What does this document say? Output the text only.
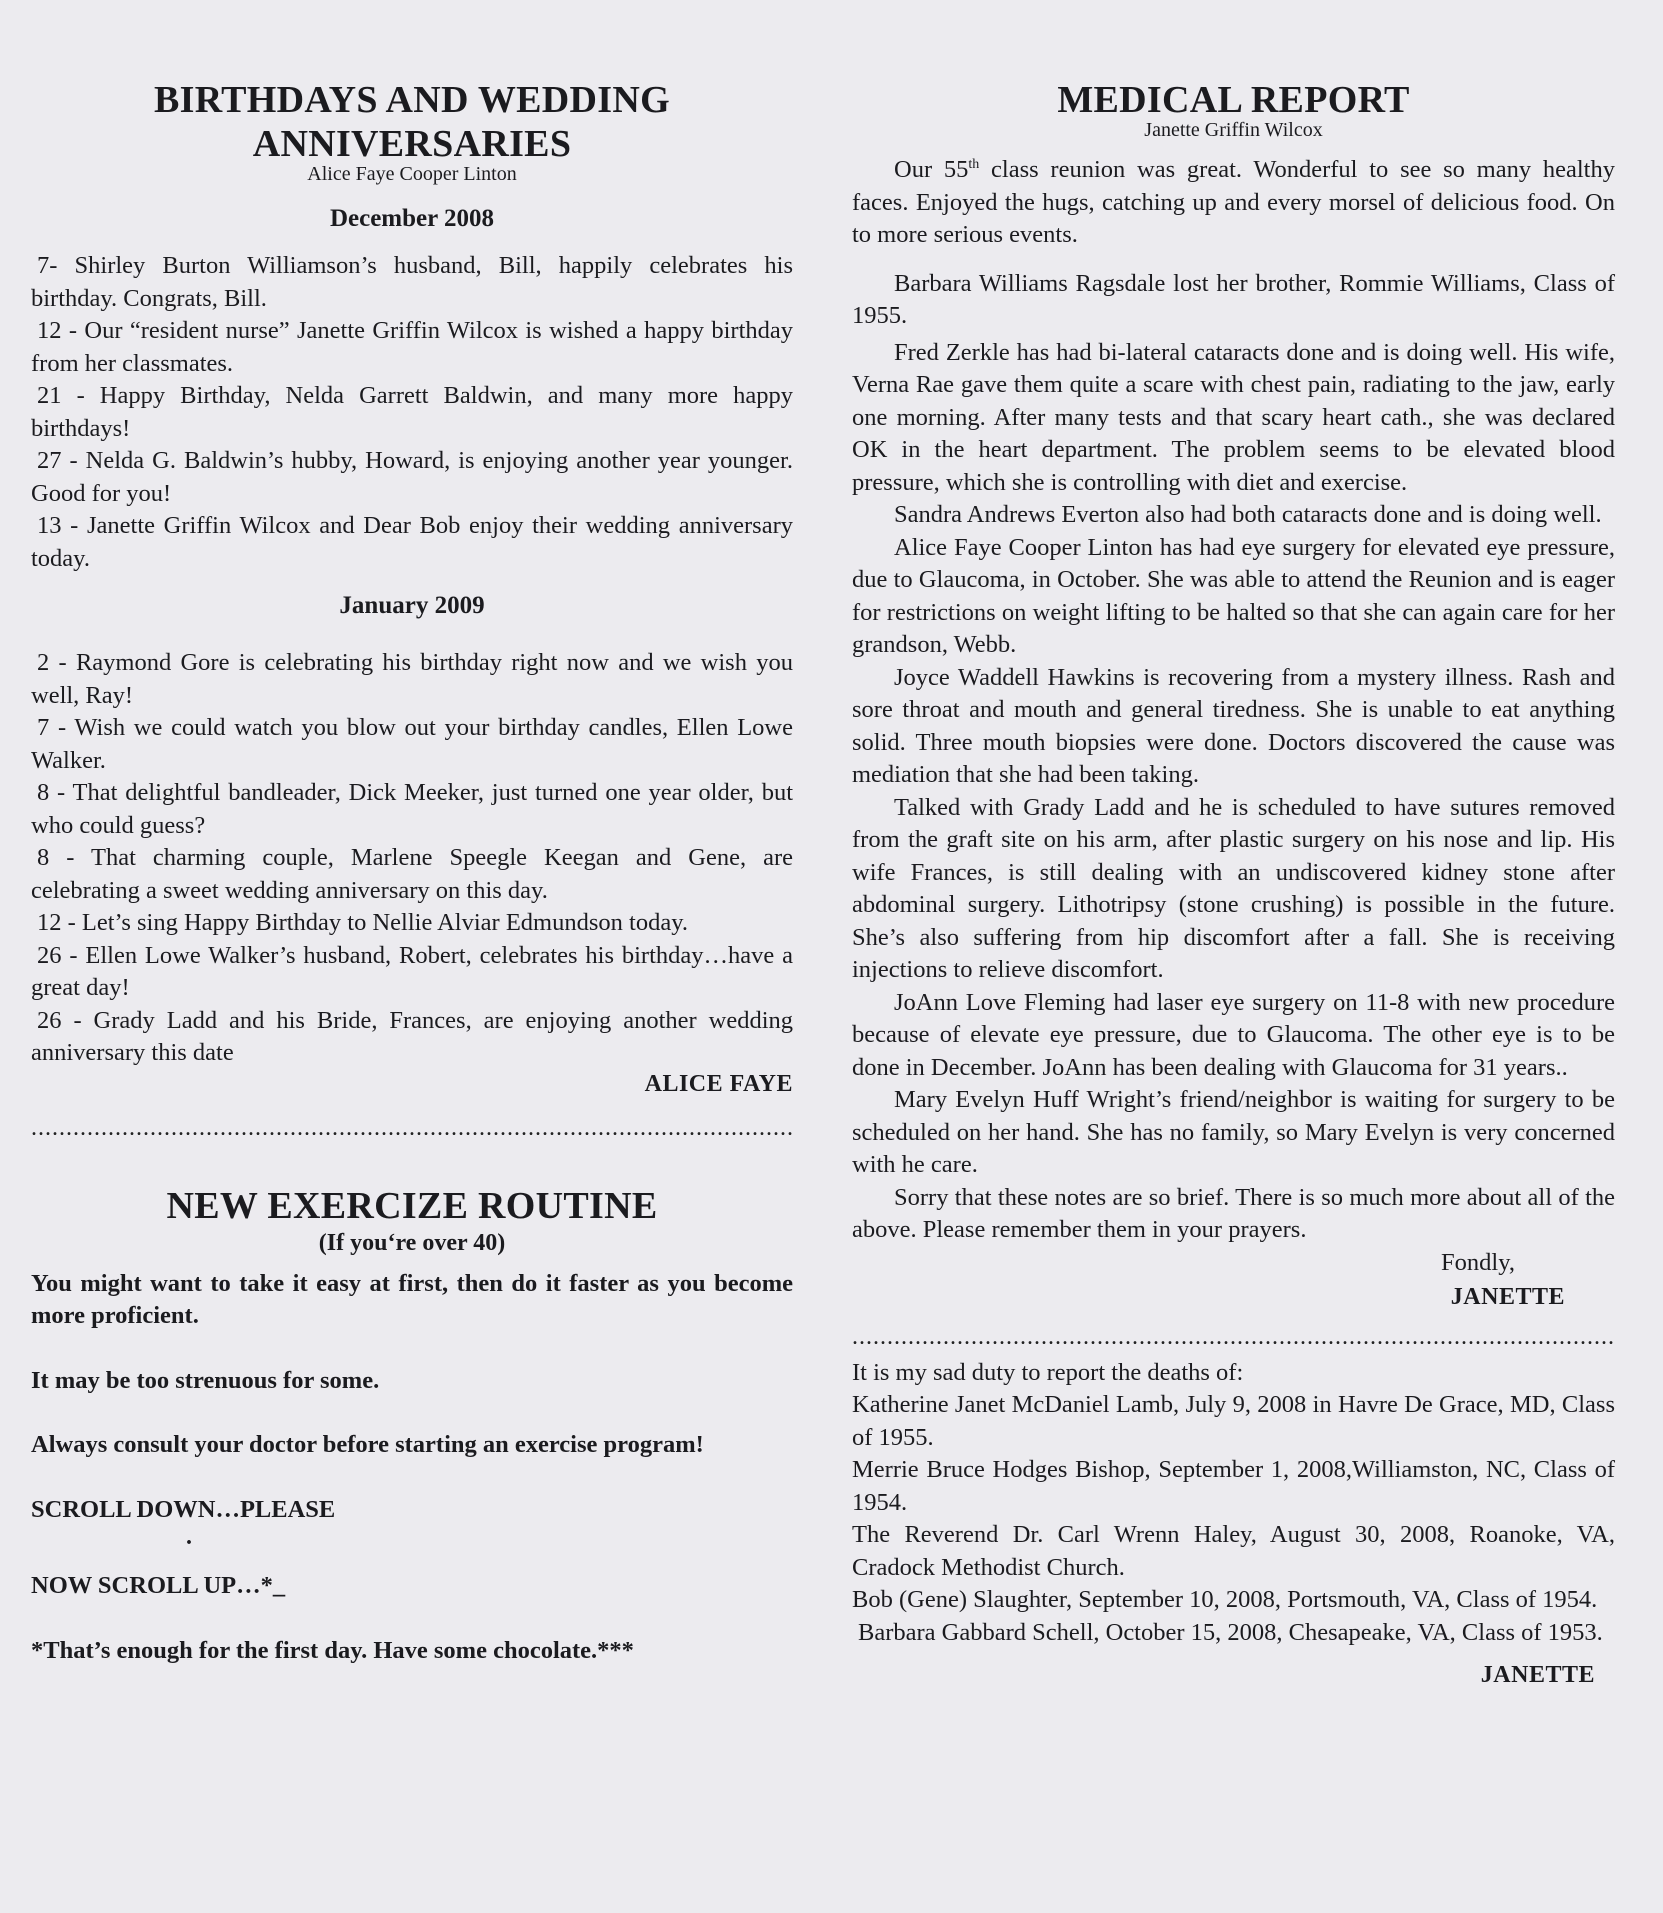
BIRTHDAYS AND WEDDING ANNIVERSARIES

Alice Faye Cooper Linton

December 2008

7- Shirley Burton Williamson’s husband, Bill, happily celebrates his birthday. Congrats, Bill.

12 - Our “resident nurse” Janette Griffin Wilcox is wished a happy birthday from her classmates.

21 - Happy Birthday, Nelda Garrett Baldwin, and many more happy birthdays!

27 - Nelda G. Baldwin’s hubby, Howard, is enjoying another year younger. Good for you!

13 - Janette Griffin Wilcox and Dear Bob enjoy their wedding anniversary today.

January 2009

2 - Raymond Gore is celebrating his birthday right now and we wish you well, Ray!

7 - Wish we could watch you blow out your birthday candles, Ellen Lowe Walker.

8 - That delightful bandleader, Dick Meeker, just turned one year older, but who could guess?

8 - That charming couple, Marlene Speegle Keegan and Gene, are celebrating a sweet wedding anniversary on this day.

12 - Let’s sing Happy Birthday to Nellie Alviar Edmundson today.

26 - Ellen Lowe Walker’s husband, Robert, celebrates his birthday…have a great day!

26 - Grady Ladd and his Bride, Frances, are enjoying another wedding anniversary this date

ALICE FAYE

.....
NEW EXERCIZE ROUTINE

(If you‘re over 40)

You might want to take it easy at first, then do it faster as you become more proficient.

It may be too strenuous for some.

Always consult your doctor before starting an exercise program!

SCROLL DOWN…PLEASE

.

NOW SCROLL UP…*_

*That’s enough for the first day. Have some chocolate.***

MEDICAL REPORT

Janette Griffin Wilcox

Our 55th class reunion was great. Wonderful to see so many healthy faces. Enjoyed the hugs, catching up and every morsel of delicious food. On to more serious events.

Barbara Williams Ragsdale lost her brother, Rommie Williams, Class of 1955.

Fred Zerkle has had bi-lateral cataracts done and is doing well. His wife, Verna Rae gave them quite a scare with chest pain, radiating to the jaw, early one morning. After many tests and that scary heart cath., she was declared OK in the heart department. The problem seems to be elevated blood pressure, which she is controlling with diet and exercise.

Sandra Andrews Everton also had both cataracts done and is doing well.

Alice Faye Cooper Linton has had eye surgery for elevated eye pressure, due to Glaucoma, in October. She was able to attend the Reunion and is eager for restrictions on weight lifting to be halted so that she can again care for her grandson, Webb.

Joyce Waddell Hawkins is recovering from a mystery illness. Rash and sore throat and mouth and general tiredness. She is unable to eat anything solid. Three mouth biopsies were done. Doctors discovered the cause was mediation that she had been taking.

Talked with Grady Ladd and he is scheduled to have sutures removed from the graft site on his arm, after plastic surgery on his nose and lip. His wife Frances, is still dealing with an undiscovered kidney stone after abdominal surgery. Lithotripsy (stone crushing) is possible in the future. She’s also suffering from hip discomfort after a fall. She is receiving injections to relieve discomfort.

JoAnn Love Fleming had laser eye surgery on 11-8 with new procedure because of elevate eye pressure, due to Glaucoma. The other eye is to be done in December. JoAnn has been dealing with Glaucoma for 31 years..

Mary Evelyn Huff Wright’s friend/neighbor is waiting for surgery to be scheduled on her hand. She has no family, so Mary Evelyn is very concerned with he care.

Sorry that these notes are so brief. There is so much more about all of the above. Please remember them in your prayers.

Fondly,

JANETTE

.....

It is my sad duty to report the deaths of:

Katherine Janet McDaniel Lamb, July 9, 2008 in Havre De Grace, MD, Class of 1955.

Merrie Bruce Hodges Bishop, September 1, 2008,Williamston, NC, Class of 1954.

The Reverend Dr. Carl Wrenn Haley, August 30, 2008, Roanoke, VA, Cradock Methodist Church.

Bob (Gene) Slaughter, September 10, 2008, Portsmouth, VA, Class of 1954.

Barbara Gabbard Schell, October 15, 2008, Chesapeake, VA, Class of 1953.

JANETTE
